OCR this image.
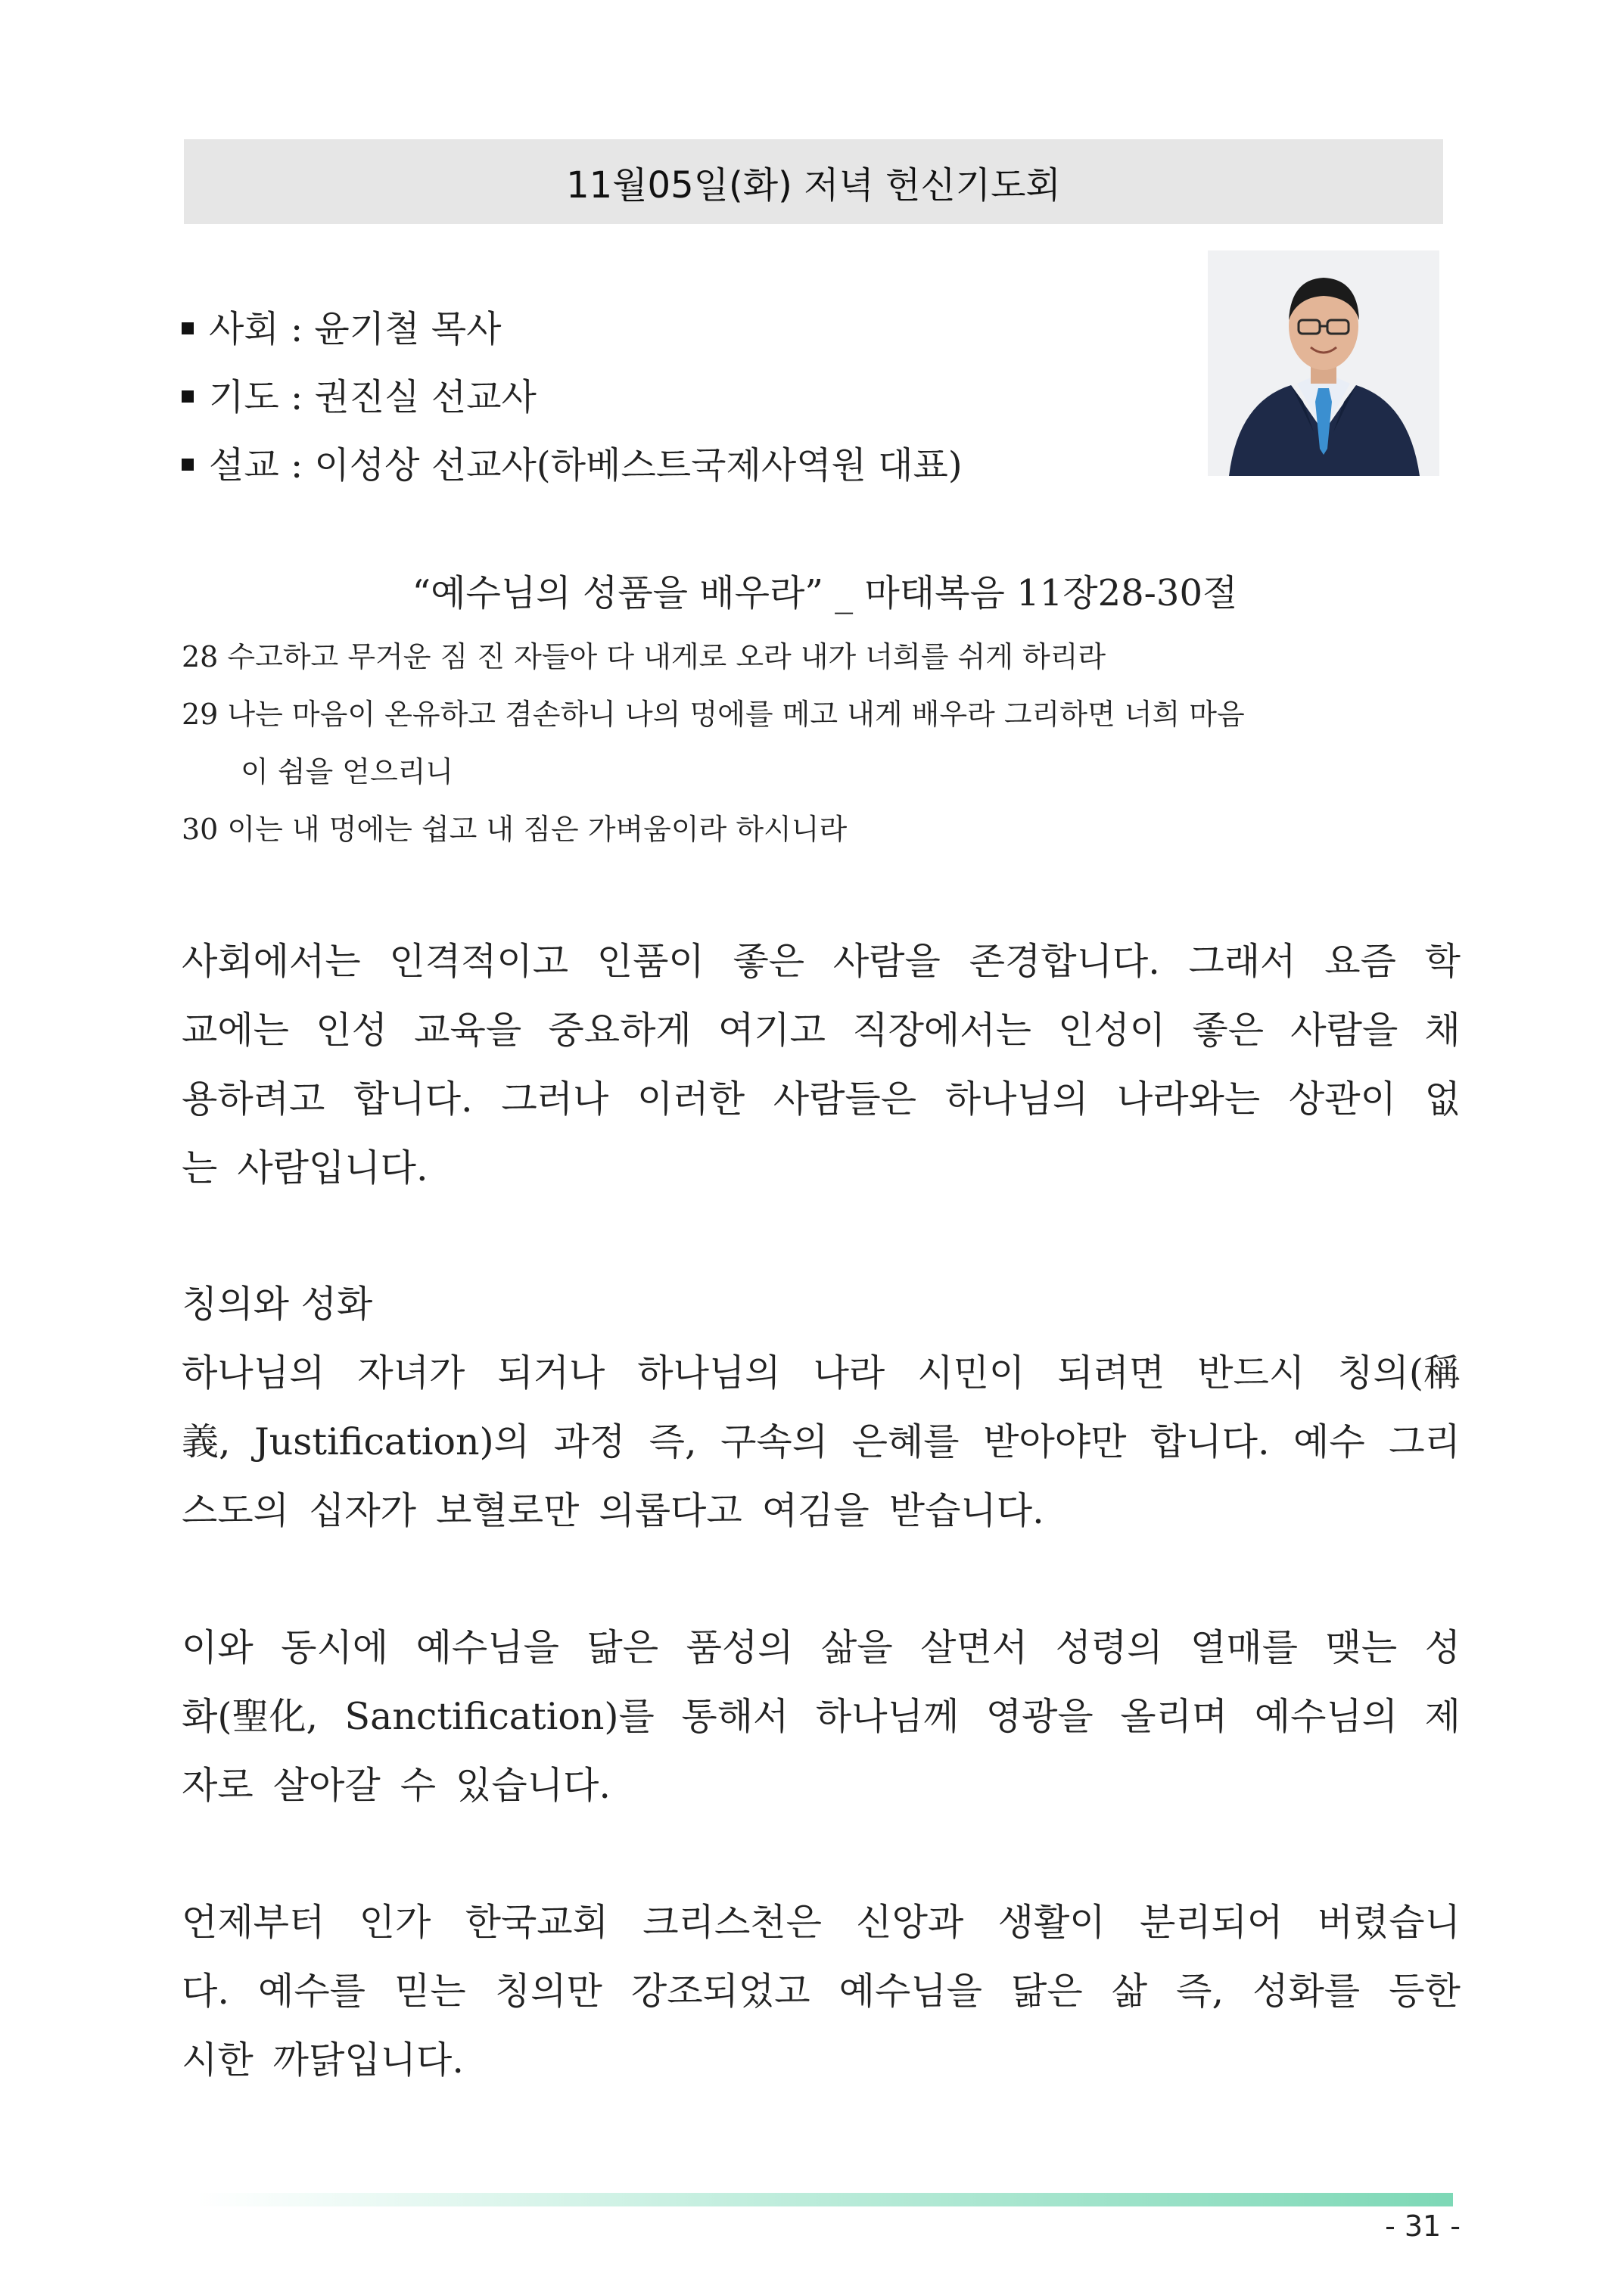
11월05일(화) 저녁 헌신기도회
사회 : 윤기철 목사
기도 : 권진실 선교사
설교 : 이성상 선교사(하베스트국제사역원 대표)
“예수님의 성품을 배우라” _ 마태복음 11장28-30절
28 수고하고 무거운 짐 진 자들아 다 내게로 오라 내가 너희를 쉬게 하리라
29 나는 마음이 온유하고 겸손하니 나의 멍에를 메고 내게 배우라 그리하면 너희 마음
이 쉼을 얻으리니
30 이는 내 멍에는 쉽고 내 짐은 가벼움이라 하시니라
사회에서는 인격적이고 인품이 좋은 사람을 존경합니다. 그래서 요즘 학
교에는 인성 교육을 중요하게 여기고 직장에서는 인성이 좋은 사람을 채
용하려고 합니다. 그러나 이러한 사람들은 하나님의 나라와는 상관이 없
는 사람입니다.
칭의와 성화
하나님의 자녀가 되거나 하나님의 나라 시민이 되려면 반드시 칭의(稱
義, Justification)의 과정 즉, 구속의 은혜를 받아야만 합니다. 예수 그리
스도의 십자가 보혈로만 의롭다고 여김을 받습니다.
이와 동시에 예수님을 닮은 품성의 삶을 살면서 성령의 열매를 맺는 성
화(聖化, Sanctification)를 통해서 하나님께 영광을 올리며 예수님의 제
자로 살아갈 수 있습니다.
언제부터 인가 한국교회 크리스천은 신앙과 생활이 분리되어 버렸습니
다. 예수를 믿는 칭의만 강조되었고 예수님을 닮은 삶 즉, 성화를 등한
시한 까닭입니다.
- 31 -
